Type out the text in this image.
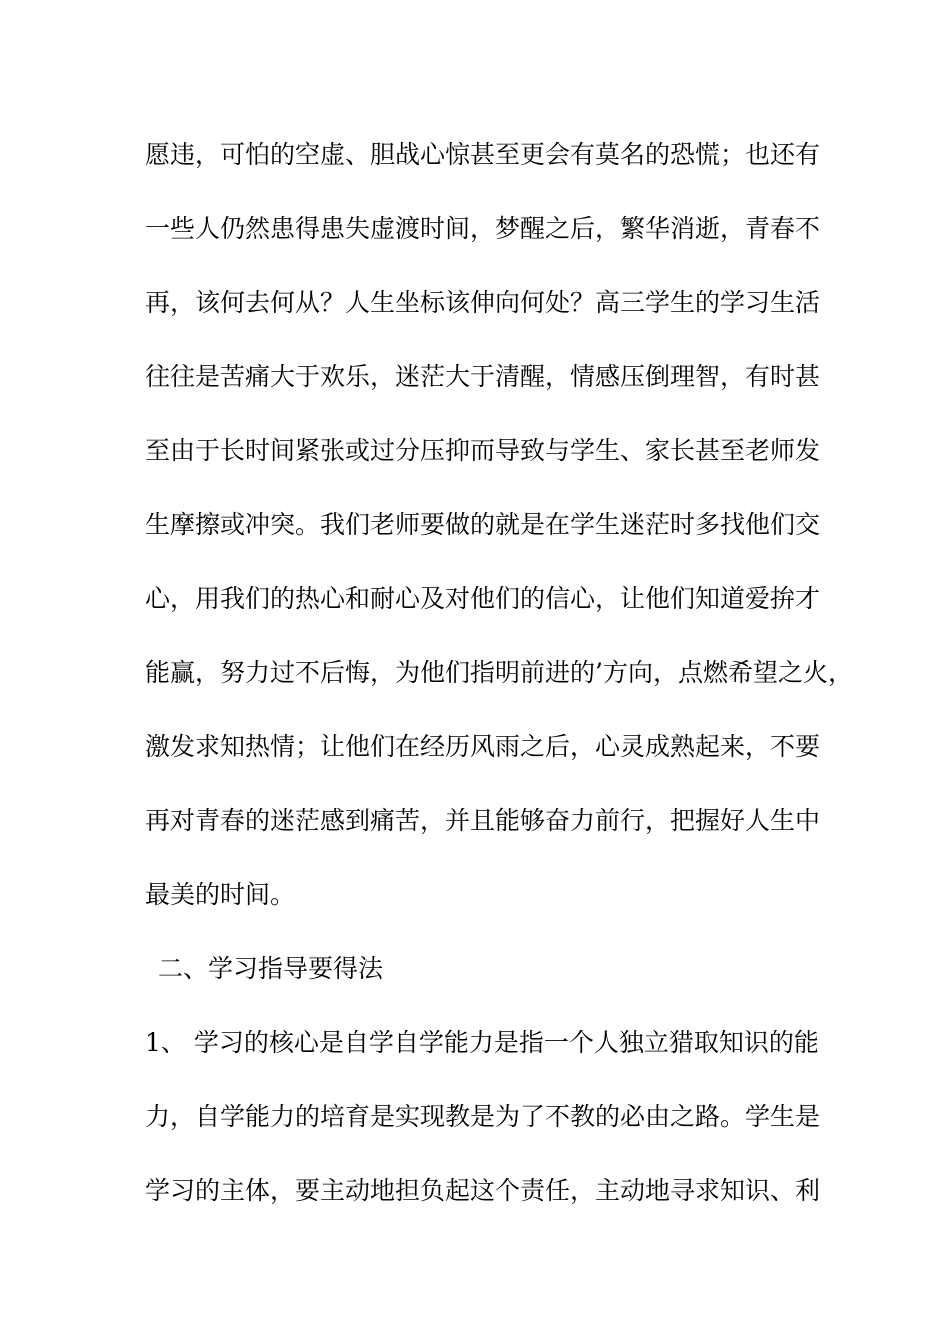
愿违，可怕的空虚、胆战心惊甚至更会有莫名的恐慌；也还有

一些人仍然患得患失虚渡时间，梦醒之后，繁华消逝，青春不

再，该何去何从？人生坐标该伸向何处？高三学生的学习生活

往往是苦痛大于欢乐，迷茫大于清醒，情感压倒理智，有时甚

至由于长时间紧张或过分压抑而导致与学生、家长甚至老师发

生摩擦或冲突。我们老师要做的就是在学生迷茫时多找他们交

心，用我们的热心和耐心及对他们的信心，让他们知道爱拚才

能赢，努力过不后悔，为他们指明前进的’方向，点燃希望之火，

激发求知热情；让他们在经历风雨之后，心灵成熟起来，不要

再对青春的迷茫感到痛苦，并且能够奋力前行，把握好人生中

最美的时间。

二、学习指导要得法

1、 学习的核心是自学自学能力是指一个人独立猎取知识的能

力，自学能力的培育是实现教是为了不教的必由之路。学生是

学习的主体，要主动地担负起这个责任，主动地寻求知识、利
